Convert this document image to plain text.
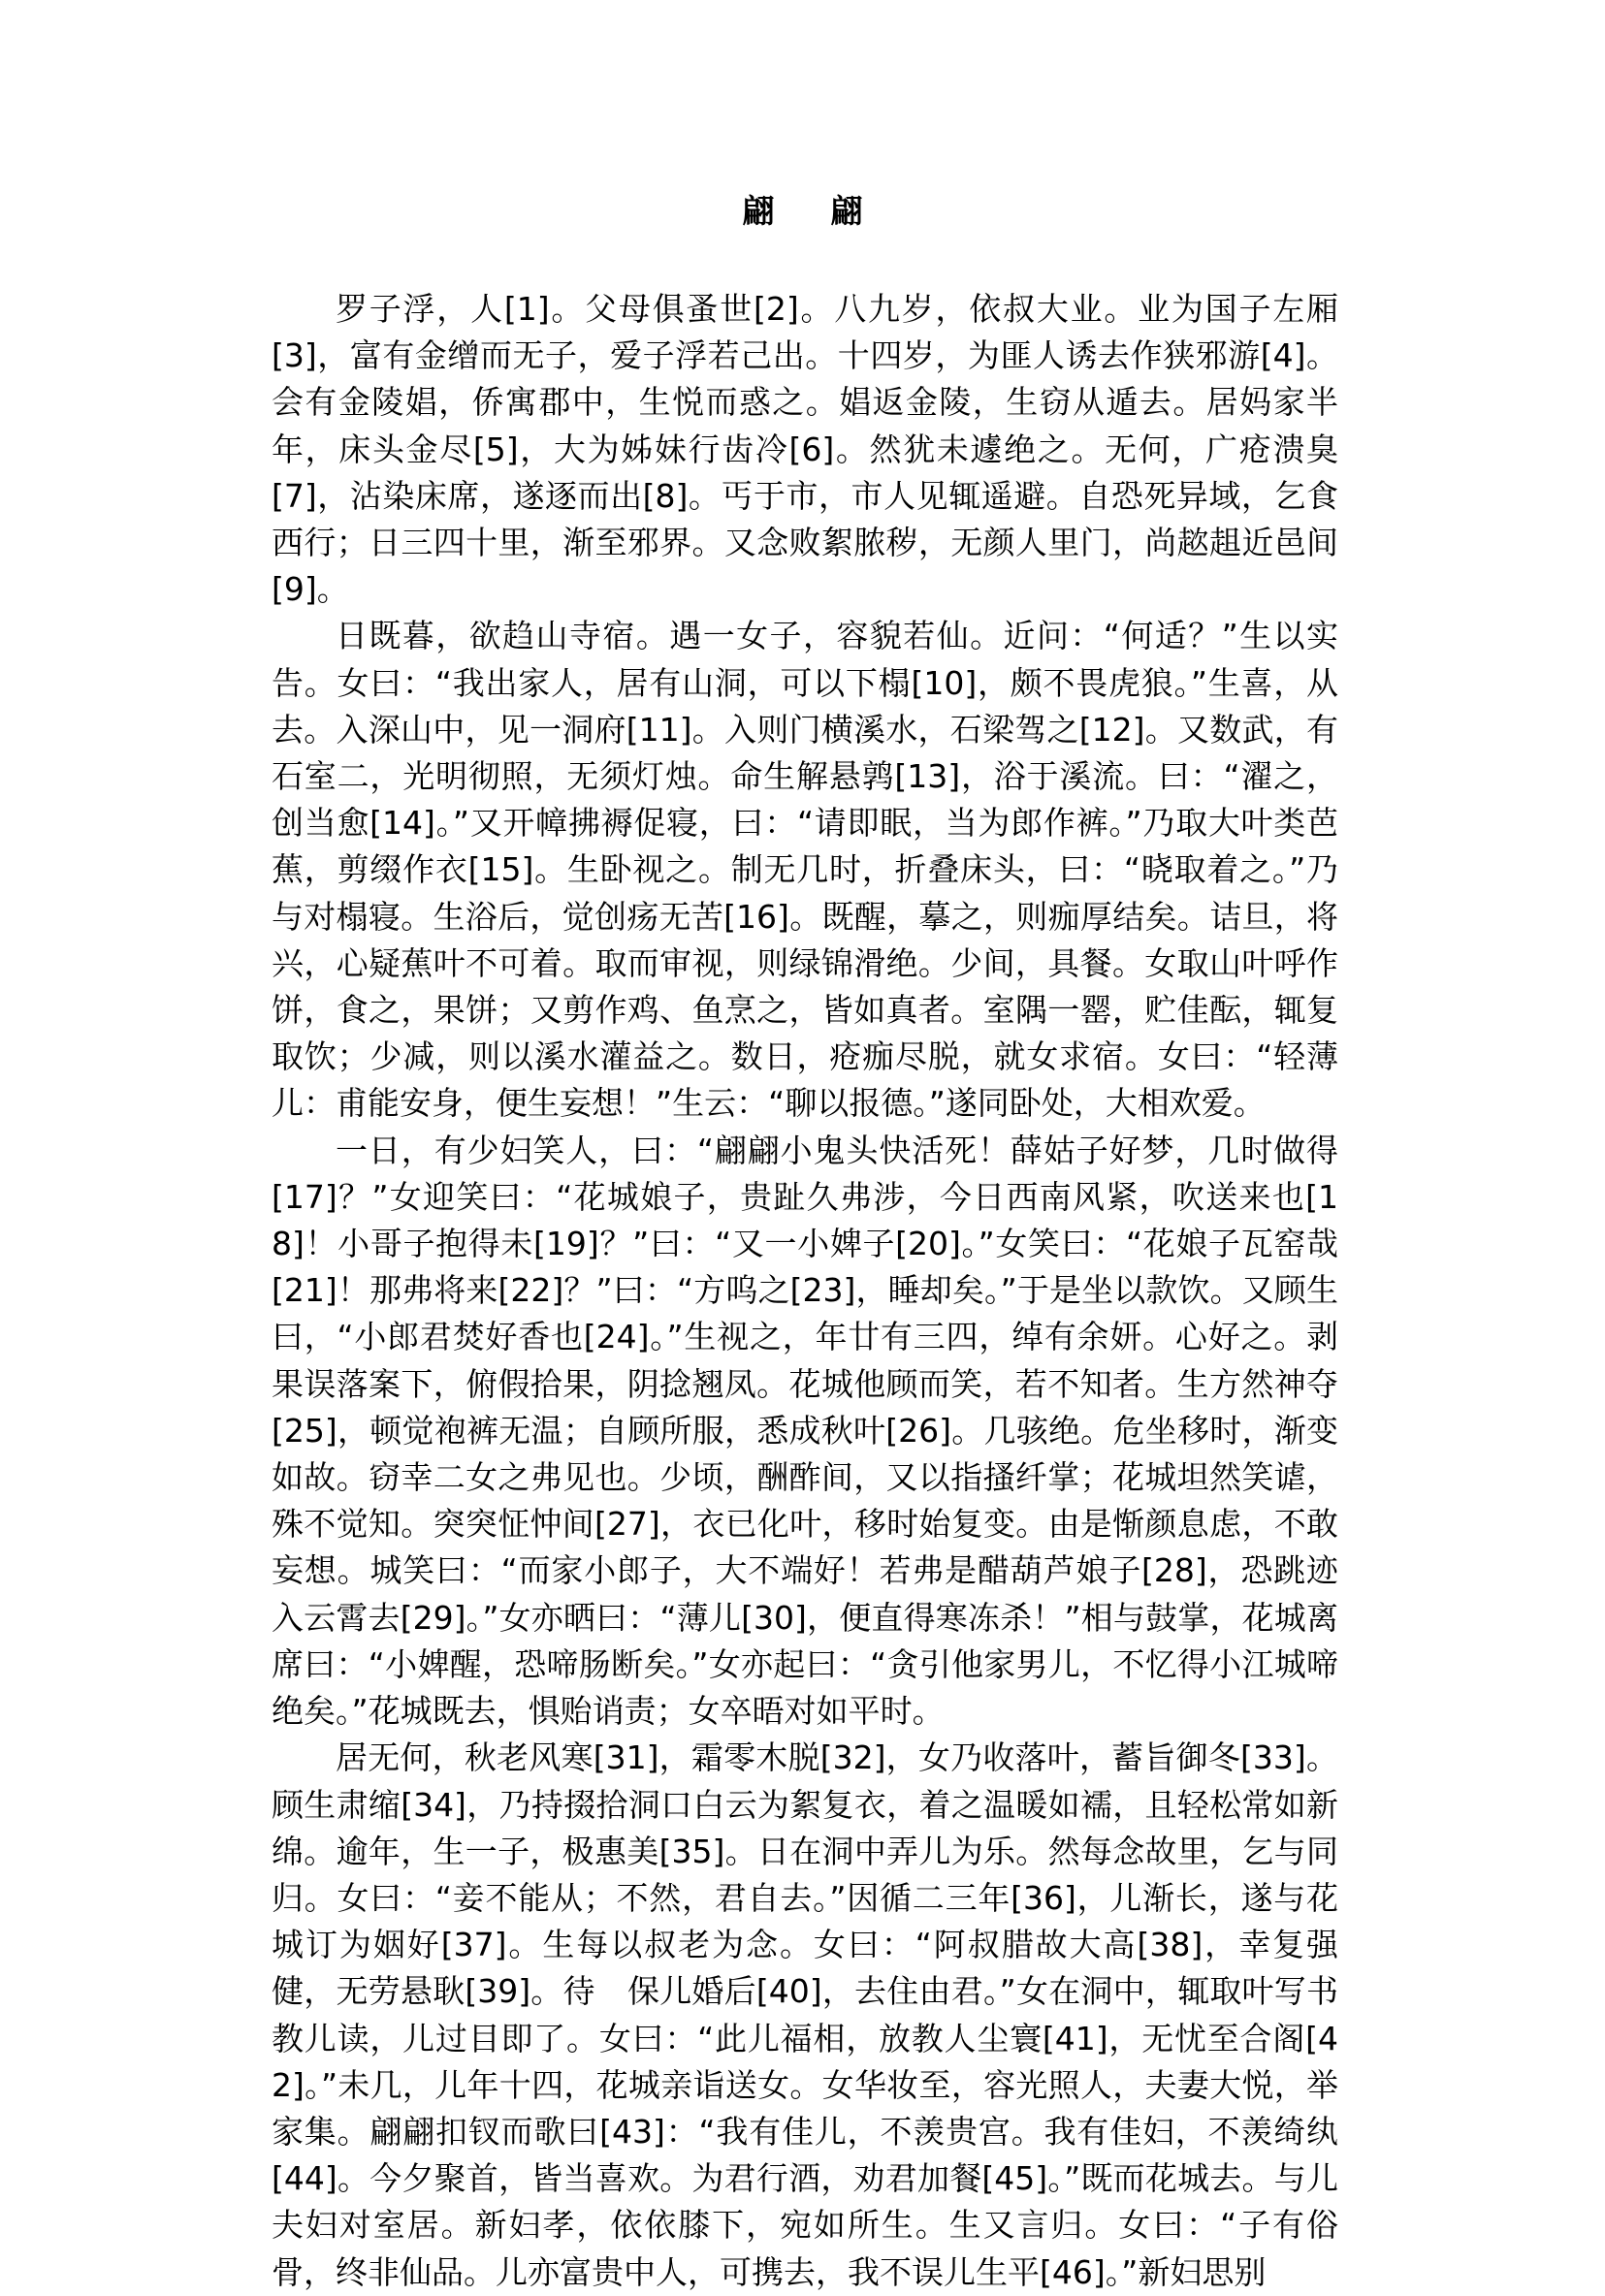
翩翩

罗子浮，人[1]。父母俱蚤世[2]。八九岁，依叔大业。业为国子左厢[3]，富有金缯而无子，爱子浮若己出。十四岁，为匪人诱去作狭邪游[4]。会有金陵娼，侨寓郡中，生悦而惑之。娼返金陵，生窃从遁去。居妈家半年，床头金尽[5]，大为姊妹行齿冷[6]。然犹未遽绝之。无何，广疮溃臭[7]，沾染床席，遂逐而出[8]。丐于市，市人见辄遥避。自恐死异域，乞食西行；日三四十里，渐至邪界。又念败絮脓秽，无颜人里门，尚趑趄近邑间[9]。

日既暮，欲趋山寺宿。遇一女子，容貌若仙。近问：“何适？”生以实告。女曰：“我出家人，居有山洞，可以下榻[10]，颇不畏虎狼。”生喜，从去。入深山中，见一洞府[11]。入则门横溪水，石梁驾之[12]。又数武，有石室二，光明彻照，无须灯烛。命生解悬鹑[13]，浴于溪流。曰：“濯之，创当愈[14]。”又开幛拂褥促寝，曰：“请即眠，当为郎作裤。”乃取大叶类芭蕉，剪缀作衣[15]。生卧视之。制无几时，折叠床头，曰：“晓取着之。”乃与对榻寝。生浴后，觉创疡无苦[16]。既醒，摹之，则痂厚结矣。诘旦，将兴，心疑蕉叶不可着。取而审视，则绿锦滑绝。少间，具餐。女取山叶呼作饼，食之，果饼；又剪作鸡、鱼烹之，皆如真者。室隅一罂，贮佳酝，辄复取饮；少减，则以溪水灌益之。数日，疮痂尽脱，就女求宿。女曰：“轻薄儿：甫能安身，便生妄想！”生云：“聊以报德。”遂同卧处，大相欢爱。

一日，有少妇笑人，曰：“翩翩小鬼头快活死！薛姑子好梦，几时做得[17]？”女迎笑曰：“花城娘子，贵趾久弗涉，今日西南风紧，吹送来也[18]！小哥子抱得未[19]？”曰：“又一小婢子[20]。”女笑曰：“花娘子瓦窑哉[21]！那弗将来[22]？”曰：“方呜之[23]，睡却矣。”于是坐以款饮。又顾生曰，“小郎君焚好香也[24]。”生视之，年廿有三四，绰有余妍。心好之。剥果误落案下，俯假拾果，阴捻翘凤。花城他顾而笑，若不知者。生方然神夺[25]，顿觉袍裤无温；自顾所服，悉成秋叶[26]。几骇绝。危坐移时，渐变如故。窃幸二女之弗见也。少顷，酬酢间，又以指搔纤掌；花城坦然笑谑，殊不觉知。突突怔忡间[27]，衣已化叶，移时始复变。由是惭颜息虑，不敢妄想。城笑曰：“而家小郎子，大不端好！若弗是醋葫芦娘子[28]，恐跳迹入云霄去[29]。”女亦晒曰：“薄儿[30]，便直得寒冻杀！”相与鼓掌，花城离席曰：“小婢醒，恐啼肠断矣。”女亦起曰：“贪引他家男儿，不忆得小江城啼绝矣。”花城既去，惧贻诮责；女卒晤对如平时。

居无何，秋老风寒[31]，霜零木脱[32]，女乃收落叶，蓄旨御冬[33]。顾生肃缩[34]，乃持掇拾洞口白云为絮复衣，着之温暖如襦，且轻松常如新绵。逾年，生一子，极惠美[35]。日在洞中弄儿为乐。然每念故里，乞与同归。女曰：“妾不能从；不然，君自去。”因循二三年[36]，儿渐长，遂与花城订为姻好[37]。生每以叔老为念。女曰：“阿叔腊故大高[38]，幸复强健，无劳悬耿[39]。待　保儿婚后[40]，去住由君。”女在洞中，辄取叶写书教儿读，儿过目即了。女曰：“此儿福相，放教人尘寰[41]，无忧至合阁[42]。”未几，儿年十四，花城亲诣送女。女华妆至，容光照人，夫妻大悦，举家集。翩翩扣钗而歌曰[43]：“我有佳儿，不羡贵宫。我有佳妇，不羡绮纨[44]。今夕聚首，皆当喜欢。为君行酒，劝君加餐[45]。”既而花城去。与儿夫妇对室居。新妇孝，依依膝下，宛如所生。生又言归。女曰：“子有俗骨，终非仙品。儿亦富贵中人，可携去，我不误儿生平[46]。”新妇思别
